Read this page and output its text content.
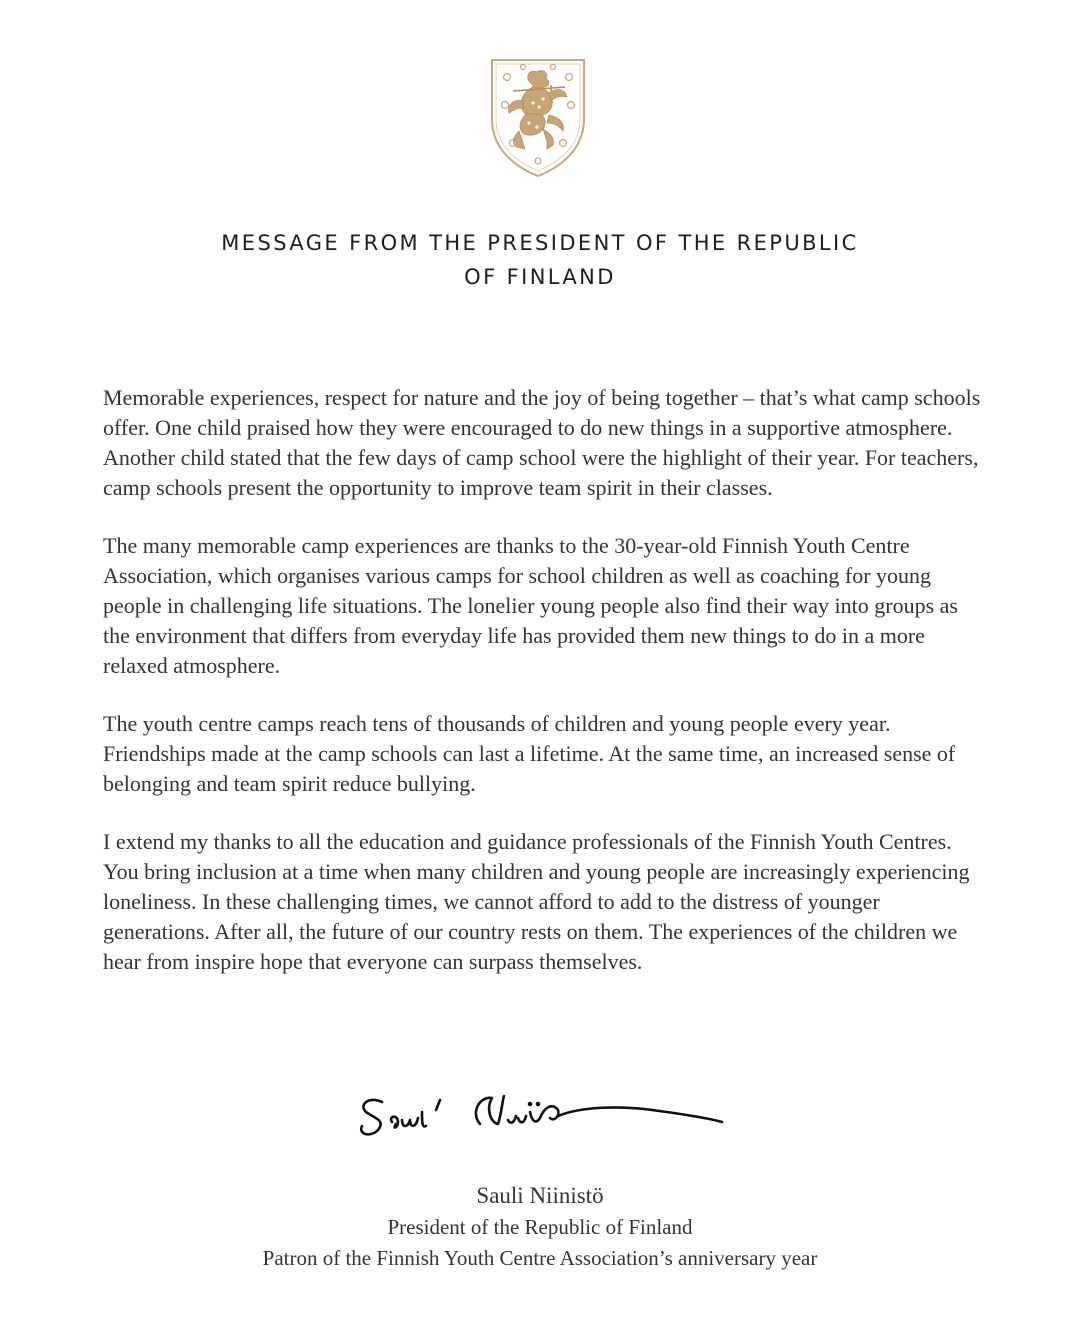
MESSAGE FROM THE PRESIDENT OF THE REPUBLIC
OF FINLAND

Memorable experiences, respect for nature and the joy of being together – that’s what camp schools offer. One child praised how they were encouraged to do new things in a supportive atmosphere. Another child stated that the few days of camp school were the highlight of their year. For teachers, camp schools present the opportunity to improve team spirit in their classes.

The many memorable camp experiences are thanks to the 30-year-old Finnish Youth Centre Association, which organises various camps for school children as well as coaching for young people in challenging life situations. The lonelier young people also find their way into groups as the environment that differs from everyday life has provided them new things to do in a more relaxed atmosphere.

The youth centre camps reach tens of thousands of children and young people every year. Friendships made at the camp schools can last a lifetime. At the same time, an increased sense of belonging and team spirit reduce bullying.

I extend my thanks to all the education and guidance professionals of the Finnish Youth Centres. You bring inclusion at a time when many children and young people are increasingly experiencing loneliness. In these challenging times, we cannot afford to add to the distress of younger generations. After all, the future of our country rests on them. The experiences of the children we hear from inspire hope that everyone can surpass themselves.

Sauli Niinistö
President of the Republic of Finland
Patron of the Finnish Youth Centre Association’s anniversary year
